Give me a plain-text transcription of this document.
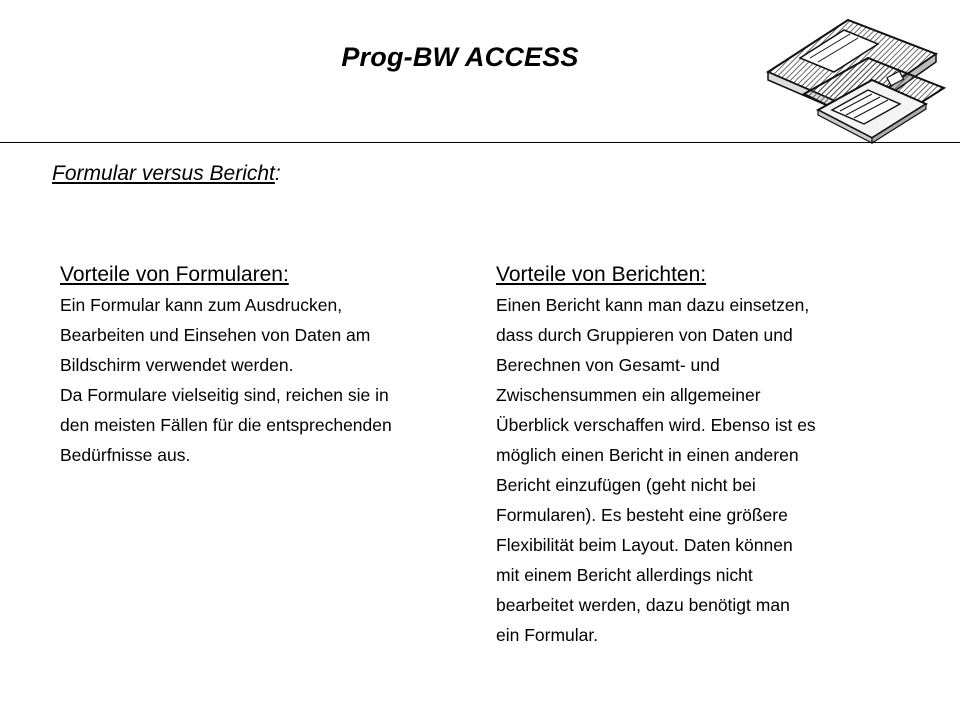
Prog-BW ACCESS
Formular versus Bericht:

Vorteile von Formularen:

Ein Formular kann zum Ausdrucken,

Bearbeiten und Einsehen von Daten am

Bildschirm verwendet werden.

Da Formulare vielseitig sind, reichen sie in

den meisten Fällen für die entsprechenden

Bedürfnisse aus.

Vorteile von Berichten:

Einen Bericht kann man dazu einsetzen,

dass durch Gruppieren von Daten und

Berechnen von Gesamt- und

Zwischensummen ein allgemeiner

Überblick verschaffen wird. Ebenso ist es

möglich einen Bericht in einen anderen

Bericht einzufügen (geht nicht bei

Formularen). Es besteht eine größere

Flexibilität beim Layout. Daten können

mit einem Bericht allerdings nicht

bearbeitet werden, dazu benötigt man

ein Formular.
